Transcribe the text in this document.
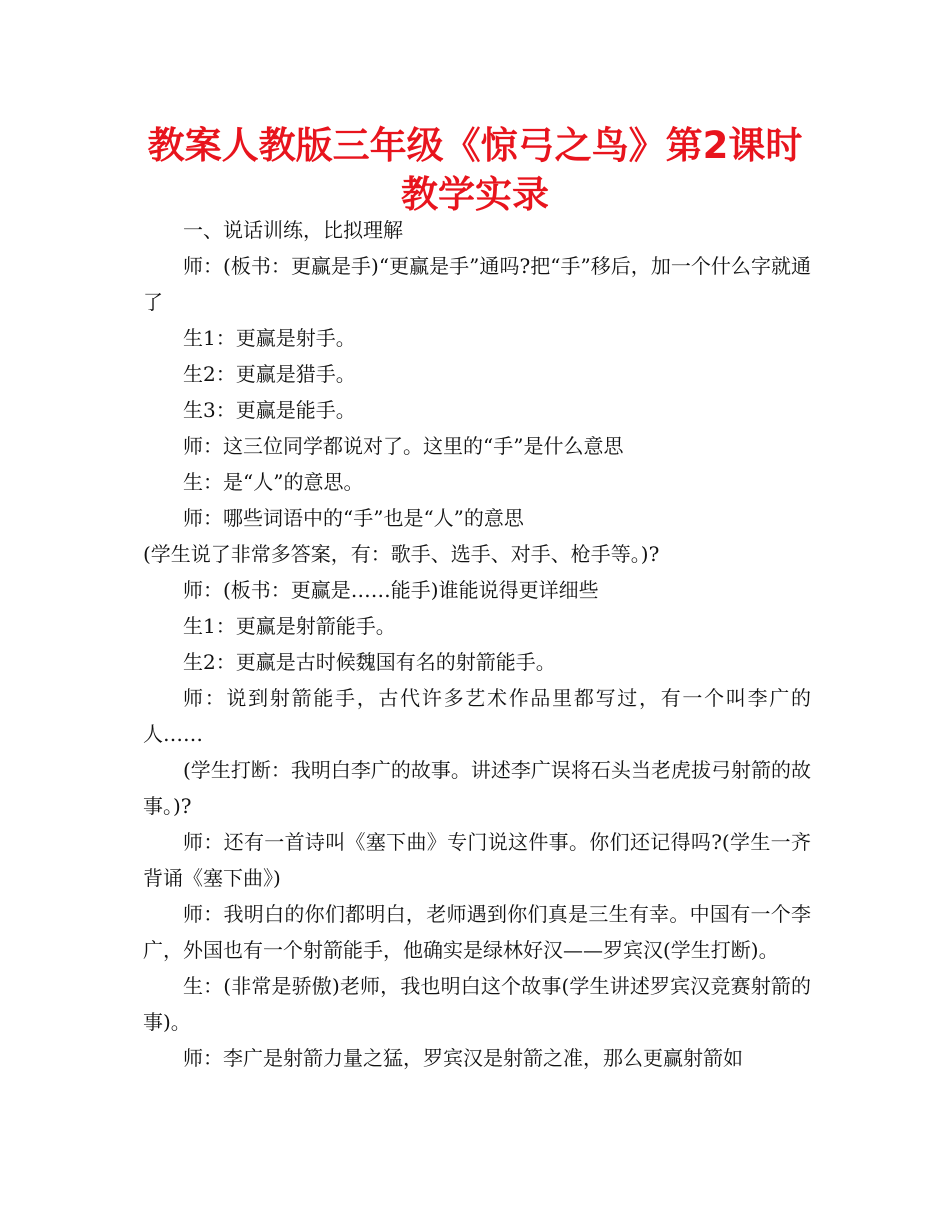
教案人教版三年级《惊弓之鸟》第2课时
教学实录

一、说话训练，比拟理解

师：(板书：更赢是手)“更赢是手”通吗?把“手”移后，加一个什么字就通了

生1：更赢是射手。

生2：更赢是猎手。

生3：更赢是能手。

师：这三位同学都说对了。这里的“手”是什么意思

生：是“人”的意思。

师：哪些词语中的“手”也是“人”的意思

(学生说了非常多答案，有：歌手、选手、对手、枪手等。)?

师：(板书：更赢是……能手)谁能说得更详细些

生1：更赢是射箭能手。

生2：更赢是古时候魏国有名的射箭能手。

师：说到射箭能手，古代许多艺术作品里都写过，有一个叫李广的人……

(学生打断：我明白李广的故事。讲述李广误将石头当老虎拔弓射箭的故事。)?

师：还有一首诗叫《塞下曲》专门说这件事。你们还记得吗?(学生一齐背诵《塞下曲》)

师：我明白的你们都明白，老师遇到你们真是三生有幸。中国有一个李广，外国也有一个射箭能手，他确实是绿林好汉——罗宾汉(学生打断)。

生：(非常是骄傲)老师，我也明白这个故事(学生讲述罗宾汉竞赛射箭的事)。

师：李广是射箭力量之猛，罗宾汉是射箭之准，那么更赢射箭如
